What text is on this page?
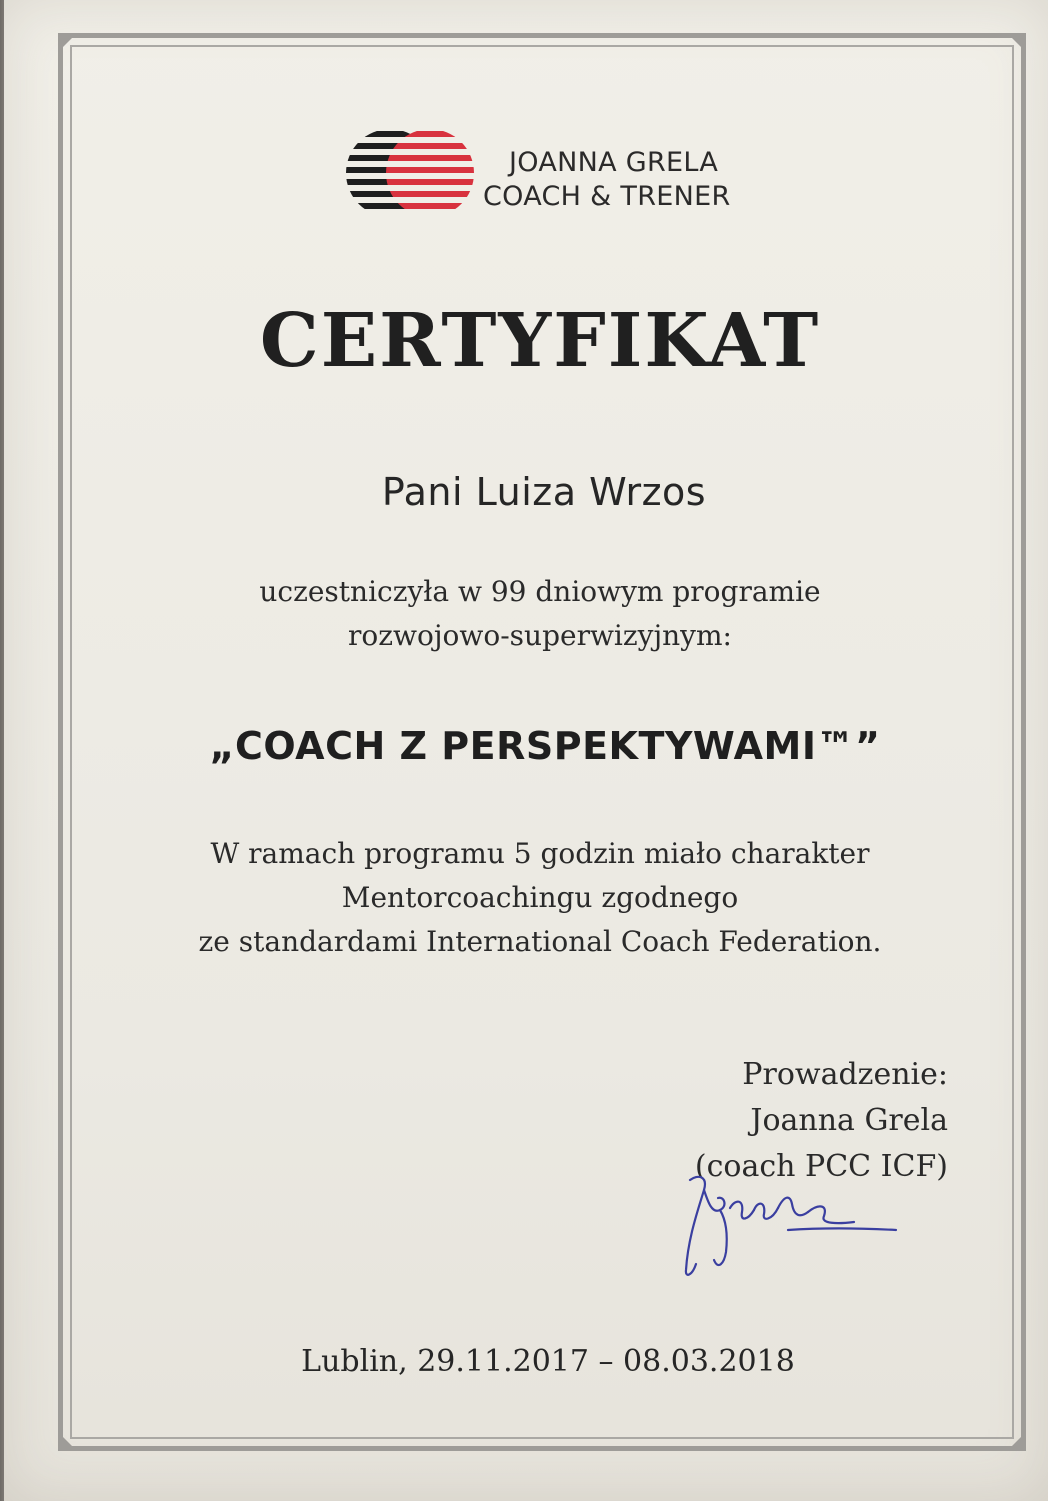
JOANNA GRELA
COACH & TRENER
CERTYFIKAT
Pani Luiza Wrzos
uczestniczyła w 99 dniowym programie
rozwojowo-superwizyjnym:
„COACH Z PERSPEKTYWAMI™”
W ramach programu 5 godzin miało charakter
Mentorcoachingu zgodnego
ze standardami International Coach Federation.
Prowadzenie:
Joanna Grela
(coach PCC ICF)
Lublin, 29.11.2017 – 08.03.2018
